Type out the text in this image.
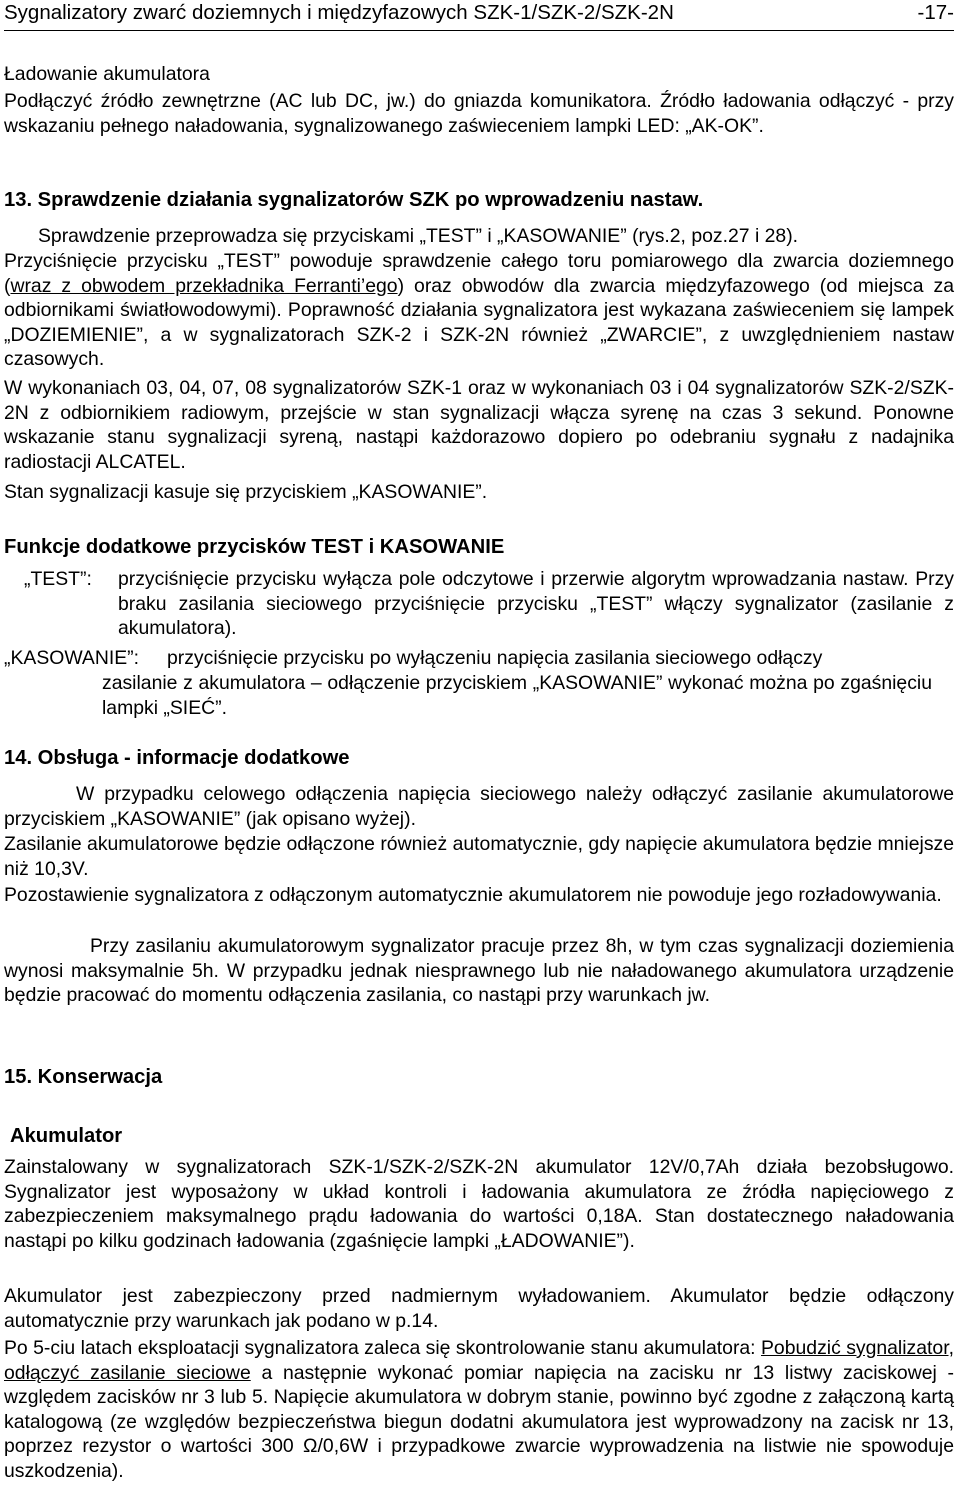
Sygnalizatory zwarć doziemnych i międzyfazowych SZK-1/SZK-2/SZK-2N	-17-

Ładowanie akumulatora

Podłączyć źródło zewnętrzne (AC lub DC, jw.) do gniazda komunikatora. Źródło ładowania odłączyć - przy wskazaniu pełnego naładowania, sygnalizowanego zaświeceniem lampki LED: „AK-OK”.

13. Sprawdzenie działania sygnalizatorów SZK po wprowadzeniu nastaw.

Sprawdzenie przeprowadza się przyciskami „TEST” i „KASOWANIE” (rys.2, poz.27 i 28).

Przyciśnięcie przycisku „TEST” powoduje sprawdzenie całego toru pomiarowego dla zwarcia doziemnego (wraz z obwodem przekładnika Ferranti’ego) oraz obwodów dla zwarcia międzyfazowego (od miejsca za odbiornikami światłowodowymi). Poprawność działania sygnalizatora jest wykazana zaświeceniem się lampek „DOZIEMIENIE”, a w sygnalizatorach SZK-2 i SZK-2N również „ZWARCIE”, z uwzględnieniem nastaw czasowych.

W wykonaniach 03, 04, 07, 08 sygnalizatorów SZK-1 oraz w wykonaniach 03 i 04 sygnalizatorów SZK-2/SZK-2N z odbiornikiem radiowym, przejście w stan sygnalizacji włącza syrenę na czas 3 sekund. Ponowne wskazanie stanu sygnalizacji syreną, nastąpi każdorazowo dopiero po odebraniu sygnału z nadajnika radiostacji ALCATEL.

Stan sygnalizacji kasuje się przyciskiem „KASOWANIE”.

Funkcje dodatkowe przycisków TEST i KASOWANIE

„TEST”: przyciśnięcie przycisku wyłącza pole odczytowe i przerwie algorytm wprowadzania nastaw. Przy braku zasilania sieciowego przyciśnięcie przycisku „TEST” włączy sygnalizator (zasilanie z akumulatora).

„KASOWANIE”: przyciśnięcie przycisku po wyłączeniu napięcia zasilania sieciowego odłączy

zasilanie z akumulatora – odłączenie przyciskiem „KASOWANIE” wykonać można po zgaśnięciu lampki „SIEĆ”.

14. Obsługa - informacje dodatkowe

W przypadku celowego odłączenia napięcia sieciowego należy odłączyć zasilanie akumulatorowe przyciskiem „KASOWANIE” (jak opisano wyżej).

Zasilanie akumulatorowe będzie odłączone również automatycznie, gdy napięcie akumulatora będzie mniejsze niż 10,3V.

Pozostawienie sygnalizatora z odłączonym automatycznie akumulatorem nie powoduje jego rozładowywania.

Przy zasilaniu akumulatorowym sygnalizator pracuje przez 8h, w tym czas sygnalizacji doziemienia wynosi maksymalnie 5h. W przypadku jednak niesprawnego lub nie naładowanego akumulatora urządzenie będzie pracować do momentu odłączenia zasilania, co nastąpi przy warunkach jw.

15. Konserwacja

Akumulator

Zainstalowany w sygnalizatorach SZK-1/SZK-2/SZK-2N akumulator 12V/0,7Ah działa bezobsługowo. Sygnalizator jest wyposażony w układ kontroli i ładowania akumulatora ze źródła napięciowego z zabezpieczeniem maksymalnego prądu ładowania do wartości 0,18A. Stan dostatecznego naładowania nastąpi po kilku godzinach ładowania (zgaśnięcie lampki „ŁADOWANIE”).

Akumulator jest zabezpieczony przed nadmiernym wyładowaniem. Akumulator będzie odłączony automatycznie przy warunkach jak podano w p.14.

Po 5-ciu latach eksploatacji sygnalizatora zaleca się skontrolowanie stanu akumulatora: Pobudzić sygnalizator, odłączyć zasilanie sieciowe a następnie wykonać pomiar napięcia na zacisku nr 13 listwy zaciskowej - względem zacisków nr 3 lub 5. Napięcie akumulatora w dobrym stanie, powinno być zgodne z załączoną kartą katalogową (ze względów bezpieczeństwa biegun dodatni akumulatora jest wyprowadzony na zacisk nr 13, poprzez rezystor o wartości 300 Ω/0,6W i przypadkowe zwarcie wyprowadzenia na listwie nie spowoduje uszkodzenia).
